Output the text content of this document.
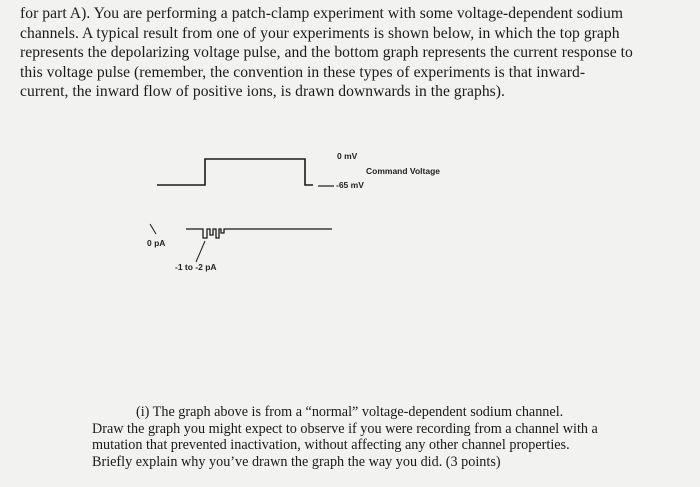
for part A). You are performing a patch-clamp experiment with some voltage-dependent sodium
channels. A typical result from one of your experiments is shown below, in which the top graph
represents the depolarizing voltage pulse, and the bottom graph represents the current response to
this voltage pulse (remember, the convention in these types of experiments is that inward-
current, the inward flow of positive ions, is drawn downwards in the graphs).
0 mV
Command Voltage
-65 mV
0 pA
-1 to -2 pA
(i) The graph above is from a “normal” voltage-dependent sodium channel.
Draw the graph you might expect to observe if you were recording from a channel with a
mutation that prevented inactivation, without affecting any other channel properties.
Briefly explain why you’ve drawn the graph the way you did. (3 points)
